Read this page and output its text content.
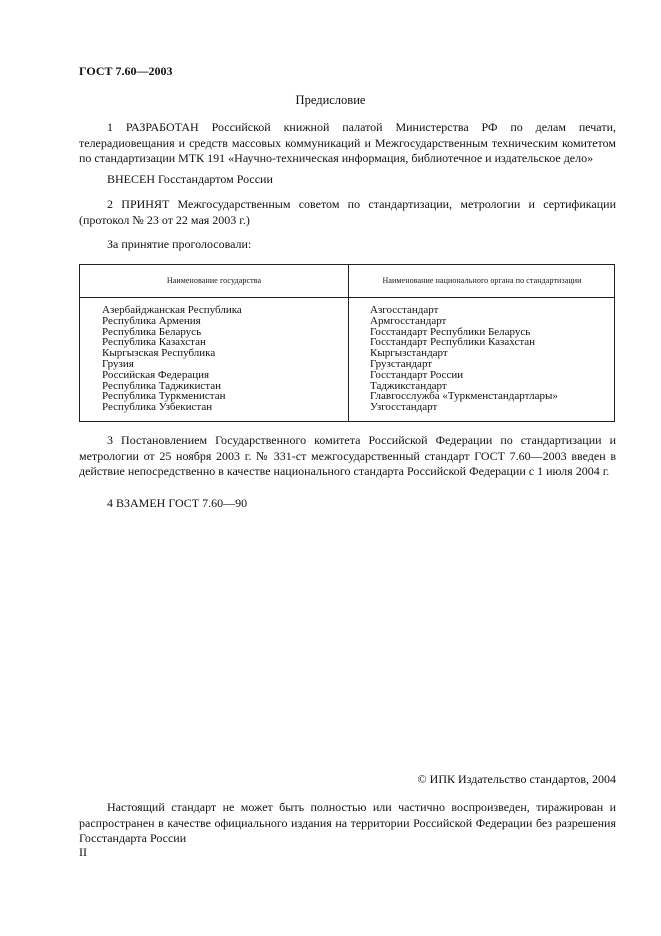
ГОСТ 7.60—2003
Предисловие
1 РАЗРАБОТАН Российской книжной палатой Министерства РФ по делам печати, телерадиовещания и средств массовых коммуникаций и Межгосударственным техническим комитетом по стандартизации МТК 191 «Научно-техническая информация, библиотечное и издательское дело»
ВНЕСЕН Госстандартом России
2 ПРИНЯТ Межгосударственным советом по стандартизации, метрологии и сертификации (протокол № 23 от 22 мая 2003 г.)
За принятие проголосовали:
Наименование государства	Наименование национального органа по стандартизации
Азербайджанская Республика
Республика Армения
Республика Беларусь
Республика Казахстан
Кыргызская Республика
Грузия
Российская Федерация
Республика Таджикистан
Республика Туркменистан
Республика Узбекистан
Азгосстандарт
Армгосстандарт
Госстандарт Республики Беларусь
Госстандарт Республики Казахстан
Кыргызстандарт
Грузстандарт
Госстандарт России
Таджикстандарт
Главгосслужба «Туркменстандартлары»
Узгосстандарт
3 Постановлением Государственного комитета Российской Федерации по стандартизации и метрологии от 25 ноября 2003 г. № 331-ст межгосударственный стандарт ГОСТ 7.60—2003 введен в действие непосредственно в качестве национального стандарта Российской Федерации с 1 июля 2004 г.
4 ВЗАМЕН ГОСТ 7.60—90
© ИПК Издательство стандартов, 2004
Настоящий стандарт не может быть полностью или частично воспроизведен, тиражирован и распространен в качестве официального издания на территории Российской Федерации без разрешения Госстандарта России
II
